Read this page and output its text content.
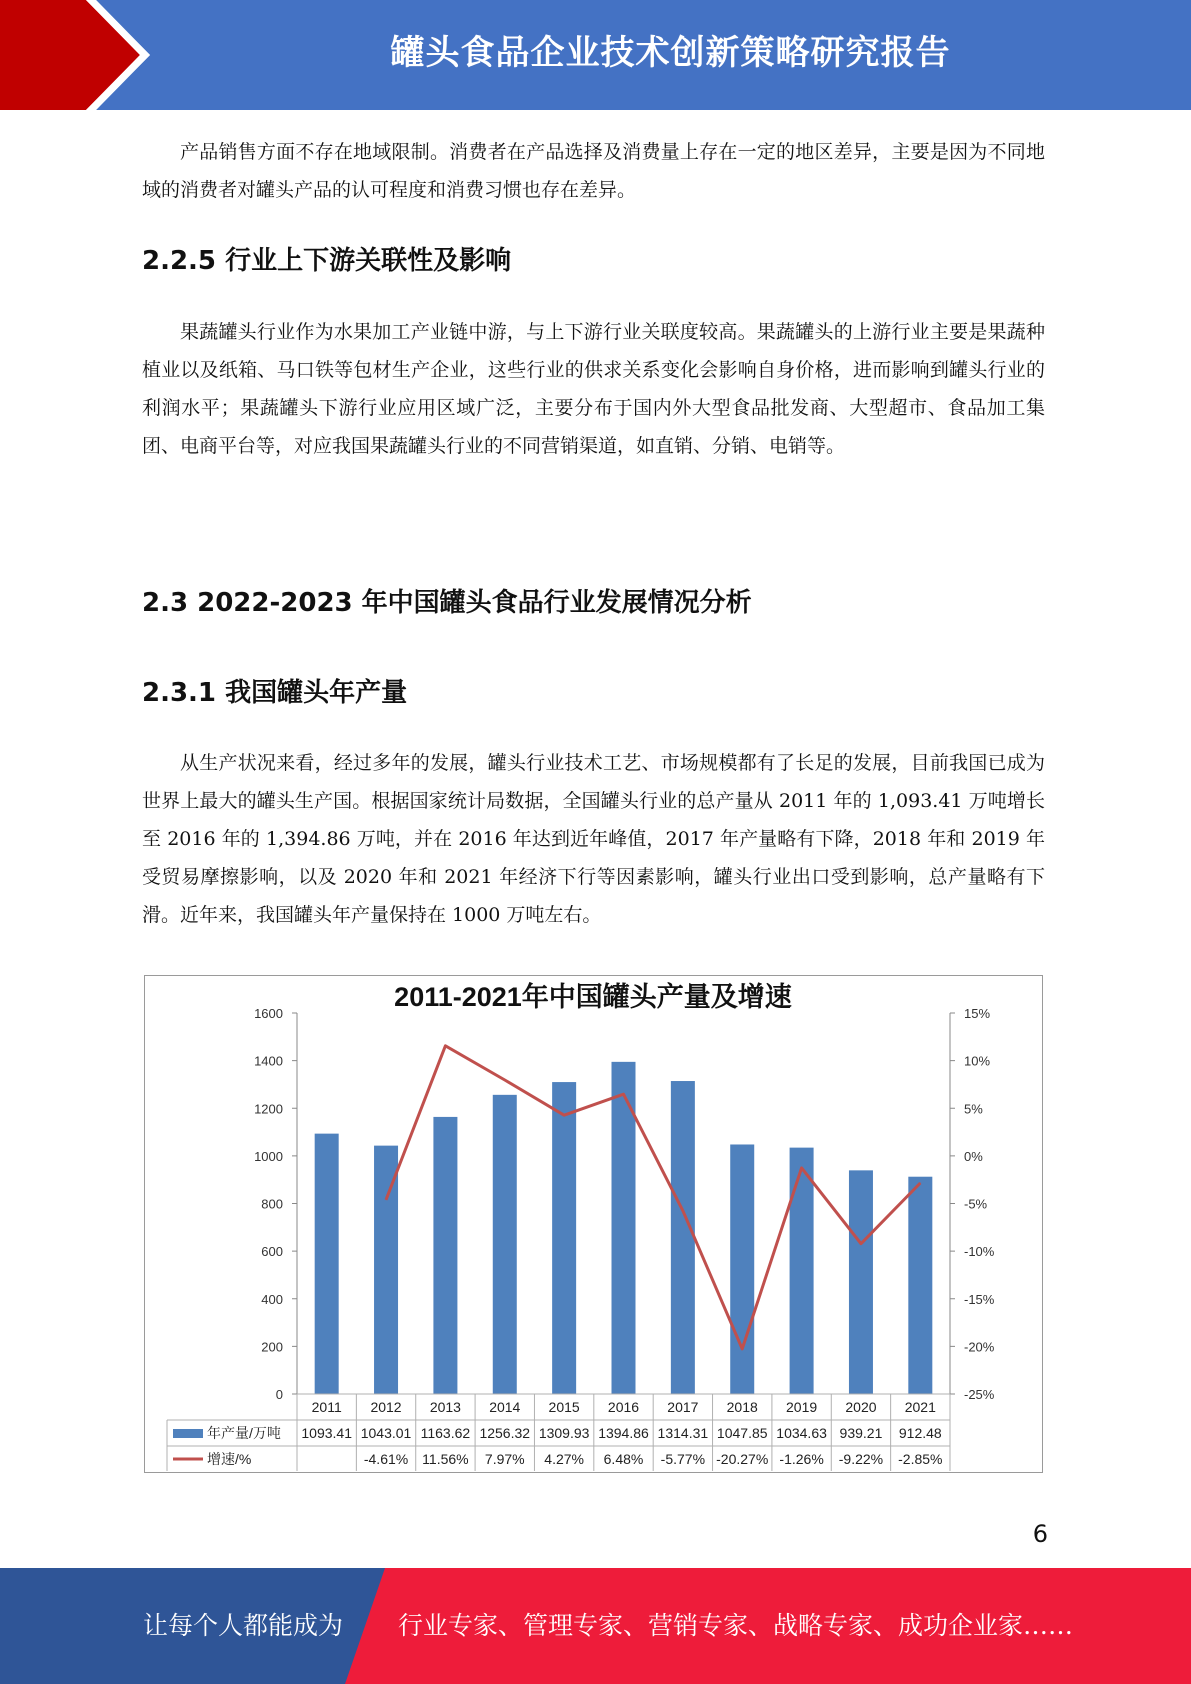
罐头食品企业技术创新策略研究报告

产品销售方面不存在地域限制。消费者在产品选择及消费量上存在一定的地区差异，主要是因为不同地域的消费者对罐头产品的认可程度和消费习惯也存在差异。

2.2.5 行业上下游关联性及影响

果蔬罐头行业作为水果加工产业链中游，与上下游行业关联度较高。果蔬罐头的上游行业主要是果蔬种植业以及纸箱、马口铁等包材生产企业，这些行业的供求关系变化会影响自身价格，进而影响到罐头行业的利润水平；果蔬罐头下游行业应用区域广泛，主要分布于国内外大型食品批发商、大型超市、食品加工集团、电商平台等，对应我国果蔬罐头行业的不同营销渠道，如直销、分销、电销等。

2.3 2022-2023 年中国罐头食品行业发展情况分析
2.3.1 我国罐头年产量

从生产状况来看，经过多年的发展，罐头行业技术工艺、市场规模都有了长足的发展，目前我国已成为世界上最大的罐头生产国。根据国家统计局数据，全国罐头行业的总产量从 2011 年的 1,093.41 万吨增长至 2016 年的 1,394.86 万吨，并在 2016 年达到近年峰值，2017 年产量略有下降，2018 年和 2019 年受贸易摩擦影响，以及 2020 年和 2021 年经济下行等因素影响，罐头行业出口受到影响，总产量略有下滑。近年来，我国罐头年产量保持在 1000 万吨左右。

2011-2021年中国罐头产量及增速
0
200
400
600
800
1000
1200
1400
1600
-25%
-20%
-15%
-10%
-5%
0%
5%
10%
15%
2011 2012 2013 2014 2015 2016 2017 2018 2019 2020 2021
年产量/万吨
增速/%
1093.41 1043.01 1163.62 1256.32 1309.93 1394.86 1314.31 1047.85 1034.63 939.21 912.48
-4.61% 11.56% 7.97% 4.27% 6.48% -5.77% -20.27% -1.26% -9.22% -2.85%
6
让每个人都能成为 行业专家、管理专家、营销专家、战略专家、成功企业家……
